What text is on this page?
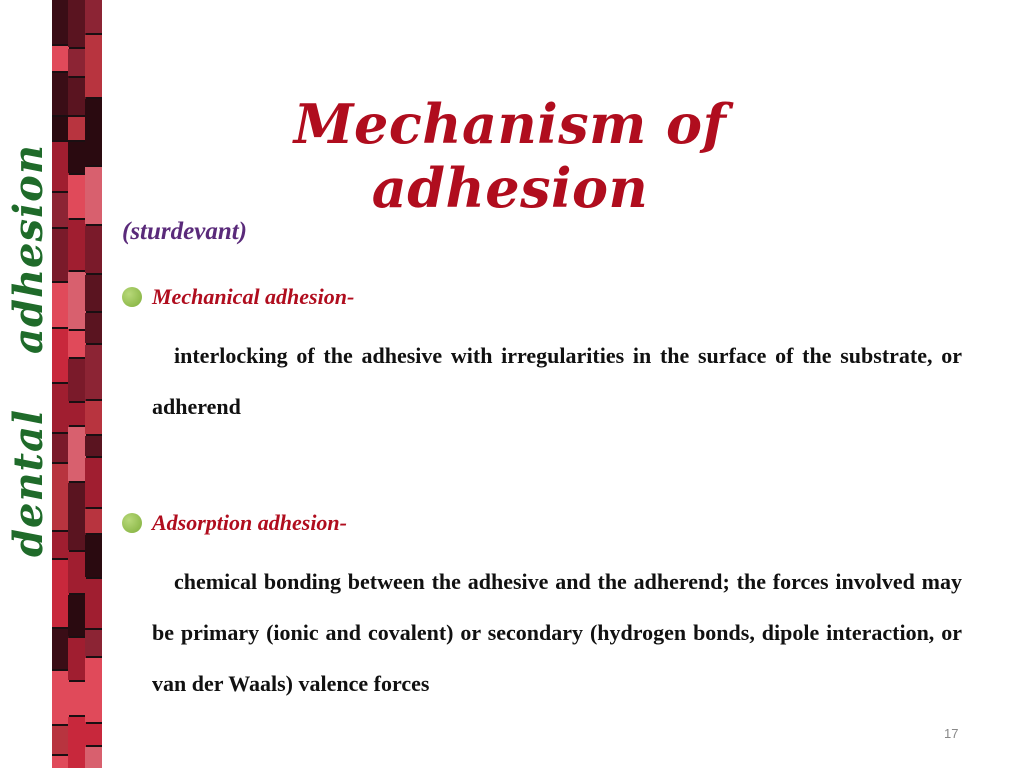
dental adhesion
Mechanism of adhesion
(sturdevant)
Mechanical adhesion-
interlocking of the adhesive with irregularities in the surface of the substrate, or adherend
Adsorption adhesion-
chemical bonding between the adhesive and the adherend; the forces involved may be primary (ionic and covalent) or secondary (hydrogen bonds, dipole interaction, or van der Waals) valence forces
17
